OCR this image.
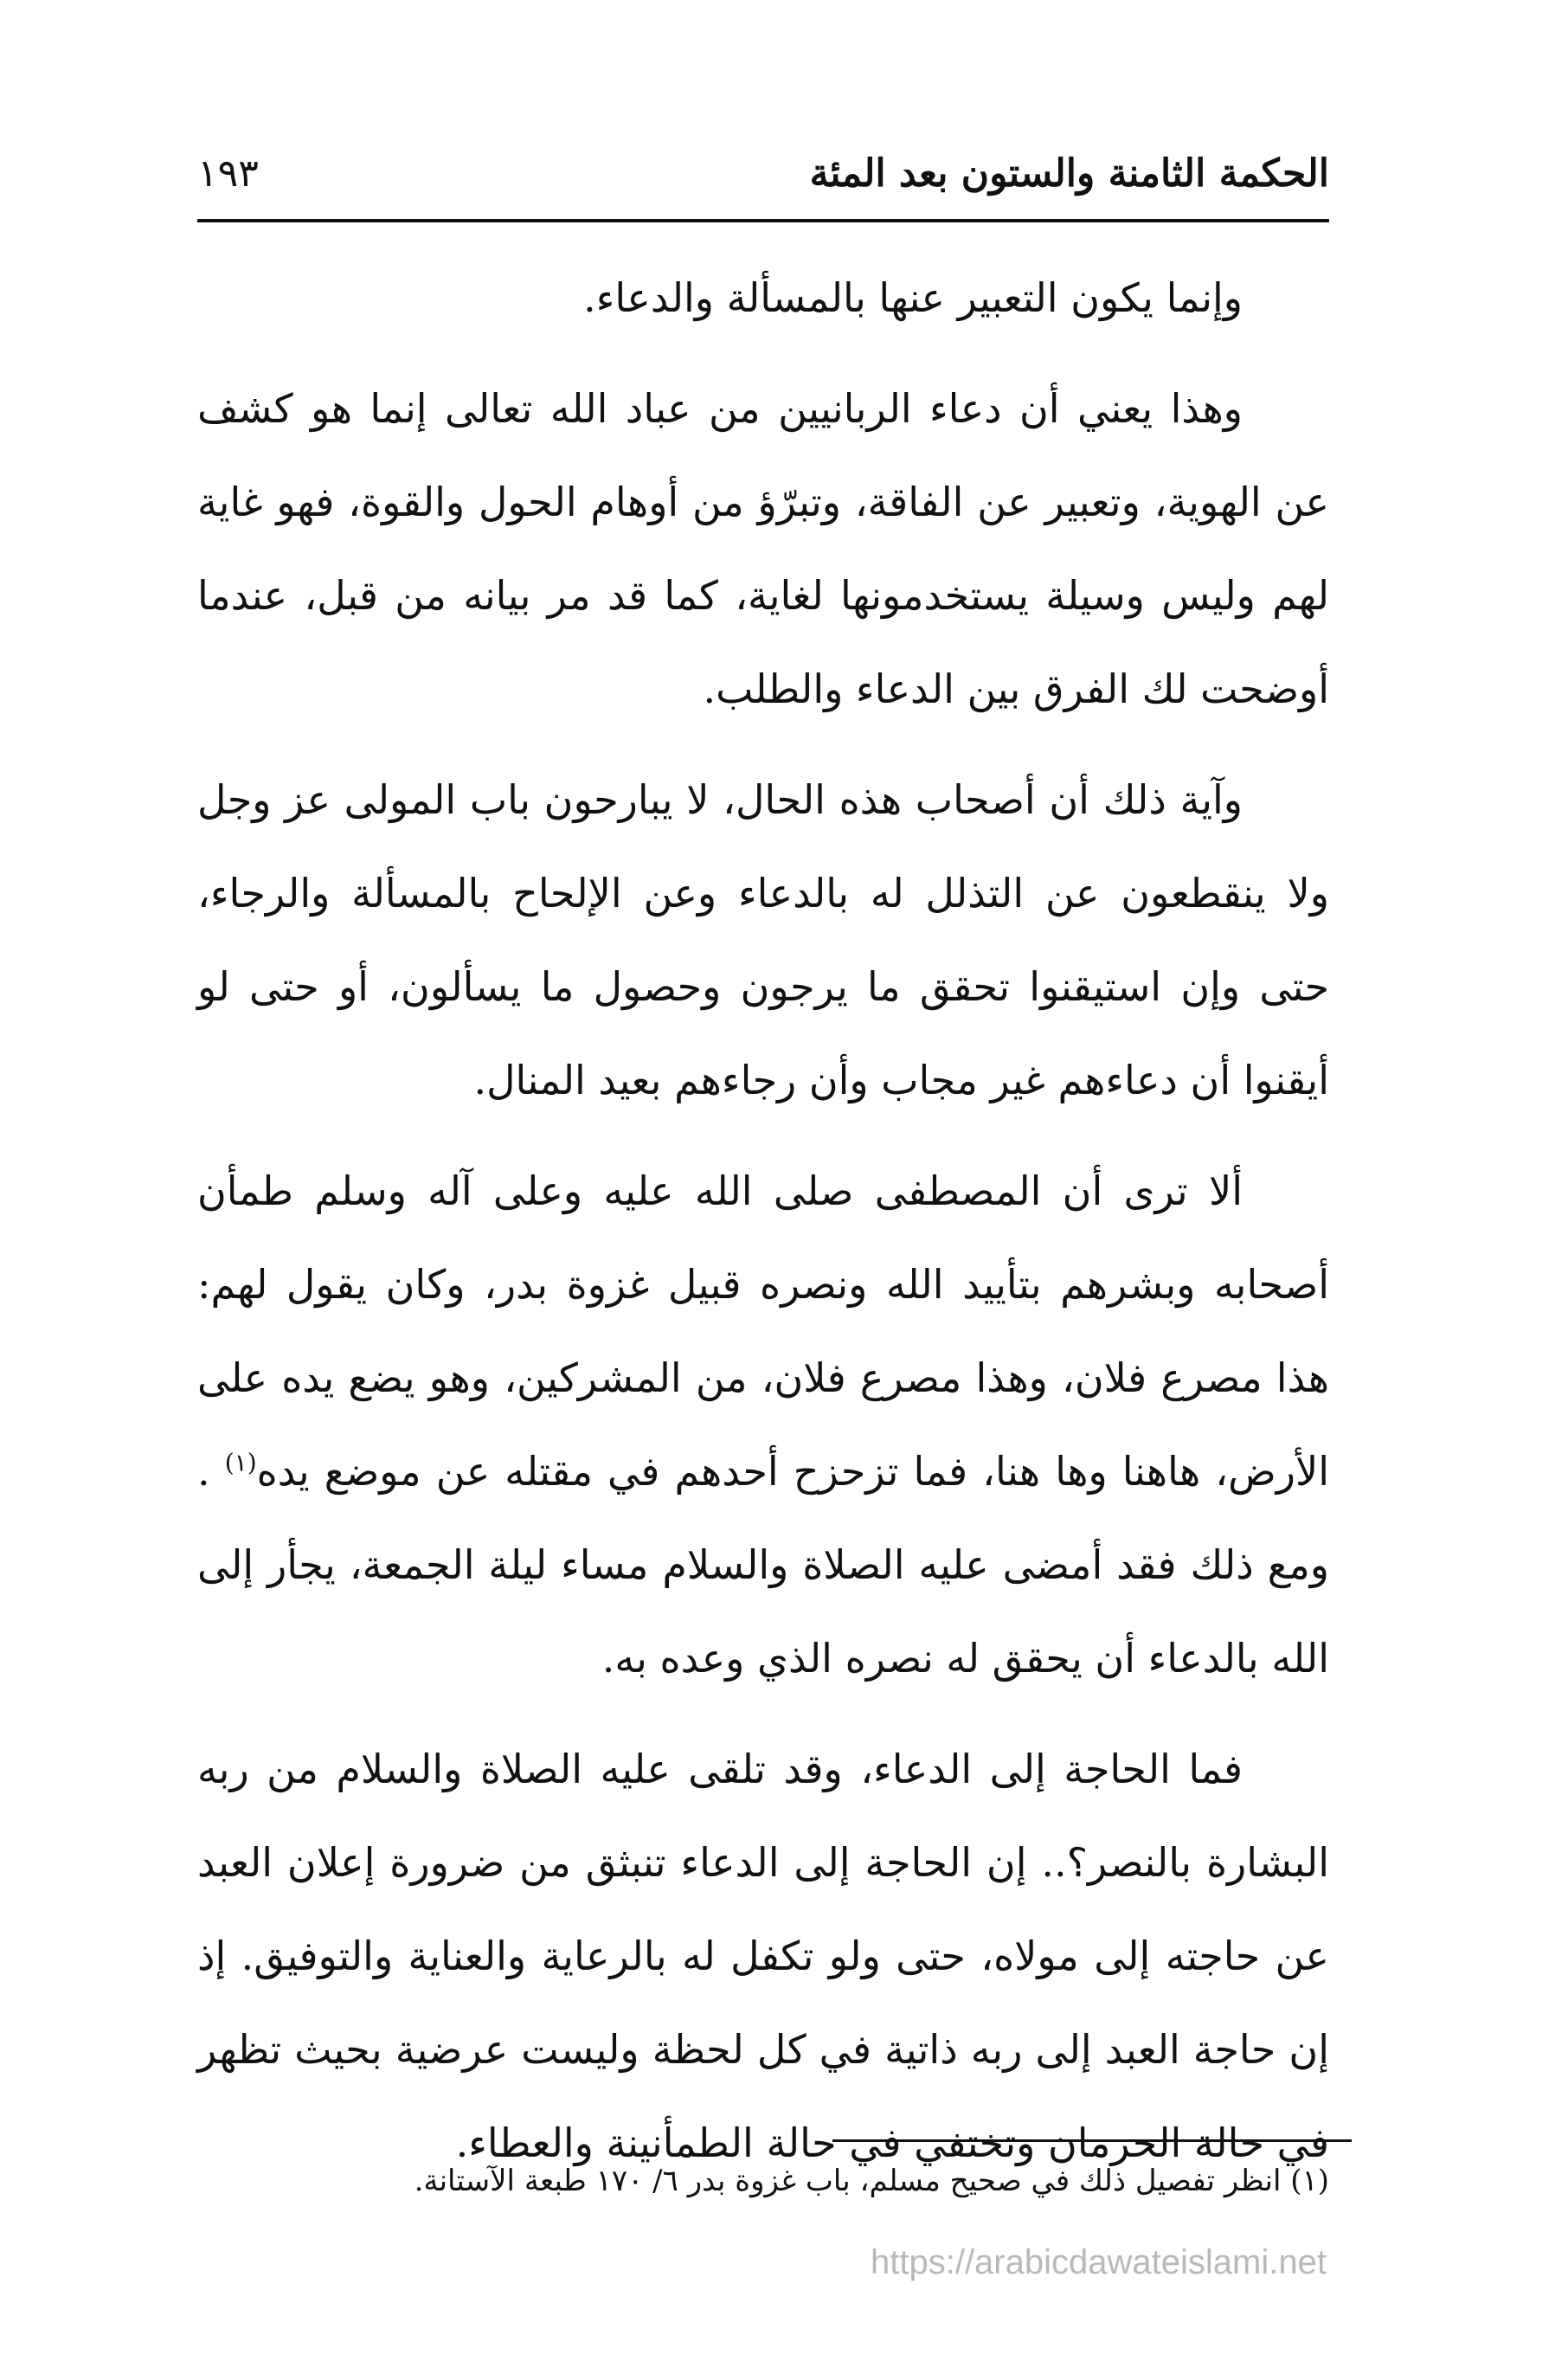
الحكمة الثامنة والستون بعد المئة
١٩٣

وإنما يكون التعبير عنها بالمسألة والدعاء.

وهذا يعني أن دعاء الربانيين من عباد الله تعالى إنما هو كشف عن الهوية، وتعبير عن الفاقة، وتبرّؤ من أوهام الحول والقوة، فهو غاية لهم وليس وسيلة يستخدمونها لغاية، كما قد مر بيانه من قبل، عندما أوضحت لك الفرق بين الدعاء والطلب.

وآية ذلك أن أصحاب هذه الحال، لا يبارحون باب المولى عز وجل ولا ينقطعون عن التذلل له بالدعاء وعن الإلحاح بالمسألة والرجاء، حتى وإن استيقنوا تحقق ما يرجون وحصول ما يسألون، أو حتى لو أيقنوا أن دعاءهم غير مجاب وأن رجاءهم بعيد المنال.

ألا ترى أن المصطفى صلى الله عليه وعلى آله وسلم طمأن أصحابه وبشرهم بتأييد الله ونصره قبيل غزوة بدر، وكان يقول لهم: هذا مصرع فلان، وهذا مصرع فلان، من المشركين، وهو يضع يده على الأرض، هاهنا وها هنا، فما تزحزح أحدهم في مقتله عن موضع يده$^{(١)}$ . ومع ذلك فقد أمضى عليه الصلاة والسلام مساء ليلة الجمعة، يجأر إلى الله بالدعاء أن يحقق له نصره الذي وعده به.

فما الحاجة إلى الدعاء، وقد تلقى عليه الصلاة والسلام من ربه البشارة بالنصر؟.. إن الحاجة إلى الدعاء تنبثق من ضرورة إعلان العبد عن حاجته إلى مولاه، حتى ولو تكفل له بالرعاية والعناية والتوفيق. إذ إن حاجة العبد إلى ربه ذاتية في كل لحظة وليست عرضية بحيث تظهر في حالة الحرمان وتختفي في حالة الطمأنينة والعطاء.

(١) انظر تفصيل ذلك في صحيح مسلم، باب غزوة بدر ٦/ ١٧٠ طبعة الآستانة.
https://arabicdawateislami.net
